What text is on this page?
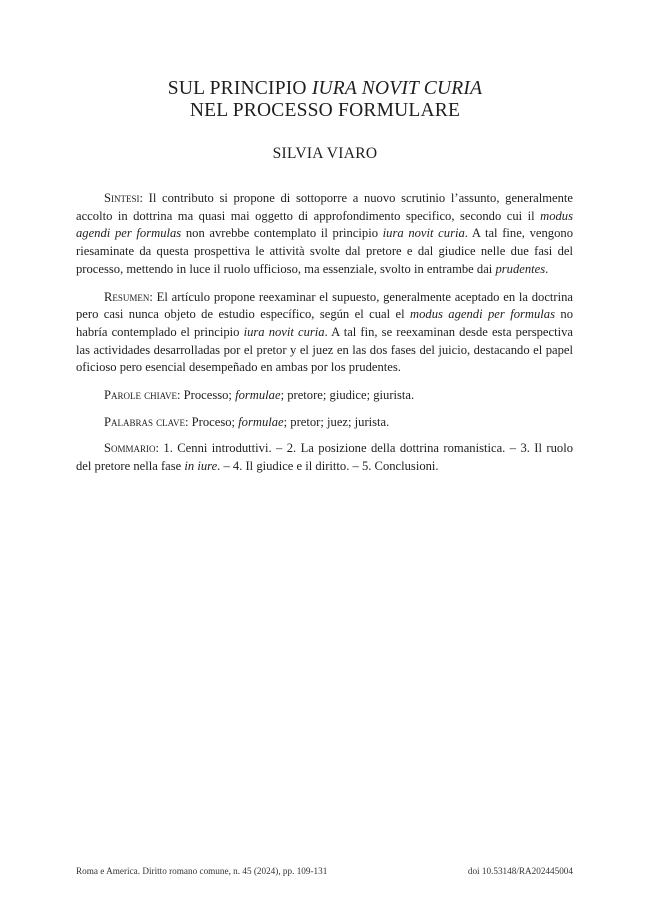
SUL PRINCIPIO IURA NOVIT CURIA
NEL PROCESSO FORMULARE
SILVIA VIARO

Sintesi: Il contributo si propone di sottoporre a nuovo scrutinio l’assunto, generalmente accolto in dottrina ma quasi mai oggetto di approfondimento specifico, secondo cui il modus agendi per formulas non avrebbe contemplato il principio iura novit curia. A tal fine, vengono riesaminate da questa prospettiva le attività svolte dal pretore e dal giudice nelle due fasi del processo, mettendo in luce il ruolo ufficioso, ma essenziale, svolto in entrambe dai prudentes.

Resumen: El artículo propone reexaminar el supuesto, generalmente aceptado en la doctrina pero casi nunca objeto de estudio específico, según el cual el modus agendi per formulas no habría contemplado el principio iura novit curia. A tal fin, se reexaminan desde esta perspectiva las actividades desarrolladas por el pretor y el juez en las dos fases del juicio, destacando el papel oficioso pero esencial desempeñado en ambas por los prudentes.

Parole chiave: Processo; formulae; pretore; giudice; giurista.

Palabras clave: Proceso; formulae; pretor; juez; jurista.

Sommario: 1. Cenni introduttivi. – 2. La posizione della dottrina romanistica. – 3. Il ruolo del pretore nella fase in iure. – 4. Il giudice e il diritto. – 5. Conclusioni.

Roma e America. Diritto romano comune, n. 45 (2024), pp. 109-131	doi 10.53148/RA202445004
